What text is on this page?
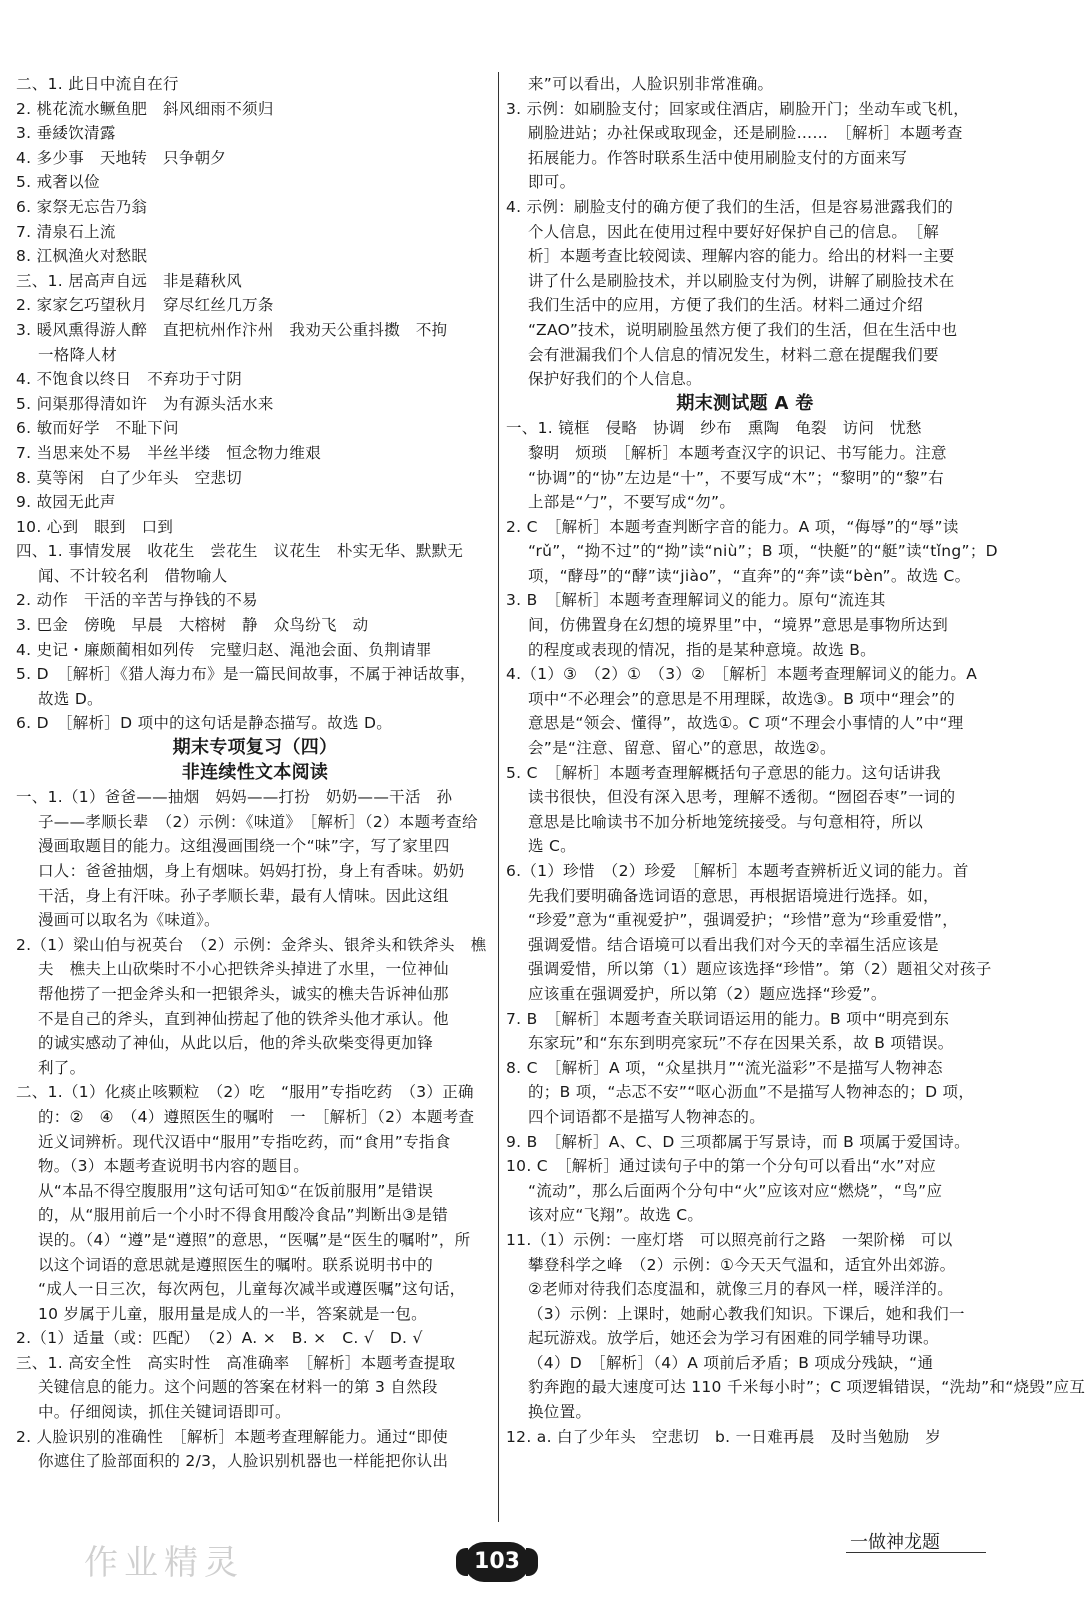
二、1. 此日中流自在行
2. 桃花流水鳜鱼肥　斜风细雨不须归
3. 垂緌饮清露
4. 多少事　天地转　只争朝夕
5. 戒奢以俭
6. 家祭无忘告乃翁
7. 清泉石上流
8. 江枫渔火对愁眠
三、1. 居高声自远　非是藉秋风
2. 家家乞巧望秋月　穿尽红丝几万条
3. 暖风熏得游人醉　直把杭州作汴州　我劝天公重抖擞　不拘
一格降人材
4. 不饱食以终日　不弃功于寸阴
5. 问渠那得清如许　为有源头活水来
6. 敏而好学　不耻下问
7. 当思来处不易　半丝半缕　恒念物力维艰
8. 莫等闲　白了少年头　空悲切
9. 故园无此声
10. 心到　眼到　口到
四、1. 事情发展　收花生　尝花生　议花生　朴实无华、默默无
闻、不计较名利　借物喻人
2. 动作　干活的辛苦与挣钱的不易
3. 巴金　傍晚　早晨　大榕树　静　众鸟纷飞　动
4. 史记・廉颇蔺相如列传　完璧归赵、渑池会面、负荆请罪
5. D　［解析］《猎人海力布》是一篇民间故事，不属于神话故事，
故选 D。
6. D　［解析］D 项中的这句话是静态描写。故选 D。
期末专项复习（四）
非连续性文本阅读
一、1.（1）爸爸——抽烟　妈妈——打扮　奶奶——干活　孙
子——孝顺长辈　（2）示例：《味道》　［解析］（2）本题考查给
漫画取题目的能力。这组漫画围绕一个“味”字，写了家里四
口人：爸爸抽烟，身上有烟味。妈妈打扮，身上有香味。奶奶
干活，身上有汗味。孙子孝顺长辈，最有人情味。因此这组
漫画可以取名为《味道》。
2.（1）梁山伯与祝英台　（2）示例：金斧头、银斧头和铁斧头　樵
夫　樵夫上山砍柴时不小心把铁斧头掉进了水里，一位神仙
帮他捞了一把金斧头和一把银斧头，诚实的樵夫告诉神仙那
不是自己的斧头，直到神仙捞起了他的铁斧头他才承认。他
的诚实感动了神仙，从此以后，他的斧头砍柴变得更加锋
利了。
二、1.（1）化痰止咳颗粒　（2）吃　“服用”专指吃药　（3）正确
的：②　④　（4）遵照医生的嘱咐　一　［解析］（2）本题考查
近义词辨析。现代汉语中“服用”专指吃药，而“食用”专指食
物。（3）本题考查说明书内容的题目。
从“本品不得空腹服用”这句话可知①“在饭前服用”是错误
的，从“服用前后一个小时不得食用酸冷食品”判断出③是错
误的。（4）“遵”是“遵照”的意思，“医嘱”是“医生的嘱咐”，所
以这个词语的意思就是遵照医生的嘱咐。联系说明书中的
“成人一日三次，每次两包，儿童每次减半或遵医嘱”这句话，
10 岁属于儿童，服用量是成人的一半，答案就是一包。
2.（1）适量（或：匹配）　（2）A. ×　B. ×　C. √　D. √
三、1. 高安全性　高实时性　高准确率　［解析］本题考查提取
关键信息的能力。这个问题的答案在材料一的第 3 自然段
中。仔细阅读，抓住关键词语即可。
2. 人脸识别的准确性　［解析］本题考查理解能力。通过“即使
你遮住了脸部面积的 2/3，人脸识别机器也一样能把你认出
来”可以看出，人脸识别非常准确。
3. 示例：如刷脸支付；回家或住酒店，刷脸开门；坐动车或飞机，
刷脸进站；办社保或取现金，还是刷脸……　［解析］本题考查
拓展能力。作答时联系生活中使用刷脸支付的方面来写
即可。
4. 示例：刷脸支付的确方便了我们的生活，但是容易泄露我们的
个人信息，因此在使用过程中要好好保护自己的信息。　［解
析］本题考查比较阅读、理解内容的能力。给出的材料一主要
讲了什么是刷脸技术，并以刷脸支付为例，讲解了刷脸技术在
我们生活中的应用，方便了我们的生活。材料二通过介绍
“ZAO”技术，说明刷脸虽然方便了我们的生活，但在生活中也
会有泄漏我们个人信息的情况发生，材料二意在提醒我们要
保护好我们的个人信息。
期末测试题 A 卷
一、1. 镜框　侵略　协调　纱布　熏陶　龟裂　访问　忧愁
黎明　烦琐　［解析］本题考查汉字的识记、书写能力。注意
“协调”的“协”左边是“十”，不要写成“木”；“黎明”的“黎”右
上部是“勹”，不要写成“勿”。
2. C　［解析］本题考查判断字音的能力。A 项，“侮辱”的“辱”读
“rǔ”，“拗不过”的“拗”读“niù”；B 项，“快艇”的“艇”读“tǐng”；D
项，“酵母”的“酵”读“jiào”，“直奔”的“奔”读“bèn”。故选 C。
3. B　［解析］本题考查理解词义的能力。原句“流连其
间，仿佛置身在幻想的境界里”中，“境界”意思是事物所达到
的程度或表现的情况，指的是某种意境。故选 B。
4.（1）③　（2）①　（3）②　［解析］本题考查理解词义的能力。A
项中“不必理会”的意思是不用理睬，故选③。B 项中“理会”的
意思是“领会、懂得”，故选①。C 项“不理会小事情的人”中“理
会”是“注意、留意、留心”的意思，故选②。
5. C　［解析］本题考查理解概括句子意思的能力。这句话讲我
读书很快，但没有深入思考，理解不透彻。“囫囵吞枣”一词的
意思是比喻读书不加分析地笼统接受。与句意相符，所以
选 C。
6.（1）珍惜　（2）珍爱　［解析］本题考查辨析近义词的能力。首
先我们要明确备选词语的意思，再根据语境进行选择。如，
“珍爱”意为“重视爱护”，强调爱护；“珍惜”意为“珍重爱惜”，
强调爱惜。结合语境可以看出我们对今天的幸福生活应该是
强调爱惜，所以第（1）题应该选择“珍惜”。第（2）题祖父对孩子
应该重在强调爱护，所以第（2）题应选择“珍爱”。
7. B　［解析］本题考查关联词语运用的能力。B 项中“明亮到东
东家玩”和“东东到明亮家玩”不存在因果关系，故 B 项错误。
8. C　［解析］A 项，“众星拱月”“流光溢彩”不是描写人物神态
的；B 项，“忐忑不安”“呕心沥血”不是描写人物神态的；D 项，
四个词语都不是描写人物神态的。
9. B　［解析］A、C、D 三项都属于写景诗，而 B 项属于爱国诗。
10. C　［解析］通过读句子中的第一个分句可以看出“水”对应
“流动”，那么后面两个分句中“火”应该对应“燃烧”，“鸟”应
该对应“飞翔”。故选 C。
11.（1）示例：一座灯塔　可以照亮前行之路　一架阶梯　可以
攀登科学之峰　（2）示例：①今天天气温和，适宜外出郊游。
②老师对待我们态度温和，就像三月的春风一样，暖洋洋的。
（3）示例：上课时，她耐心教我们知识。下课后，她和我们一
起玩游戏。放学后，她还会为学习有困难的同学辅导功课。
（4）D　［解析］（4）A 项前后矛盾；B 项成分残缺，“通
豹奔跑的最大速度可达 110 千米每小时”；C 项逻辑错误，“洗劫”和“烧毁”应互
换位置。
12. a. 白了少年头　空悲切　b. 一日难再晨　及时当勉励　岁
作业精灵	103
一做神龙题
